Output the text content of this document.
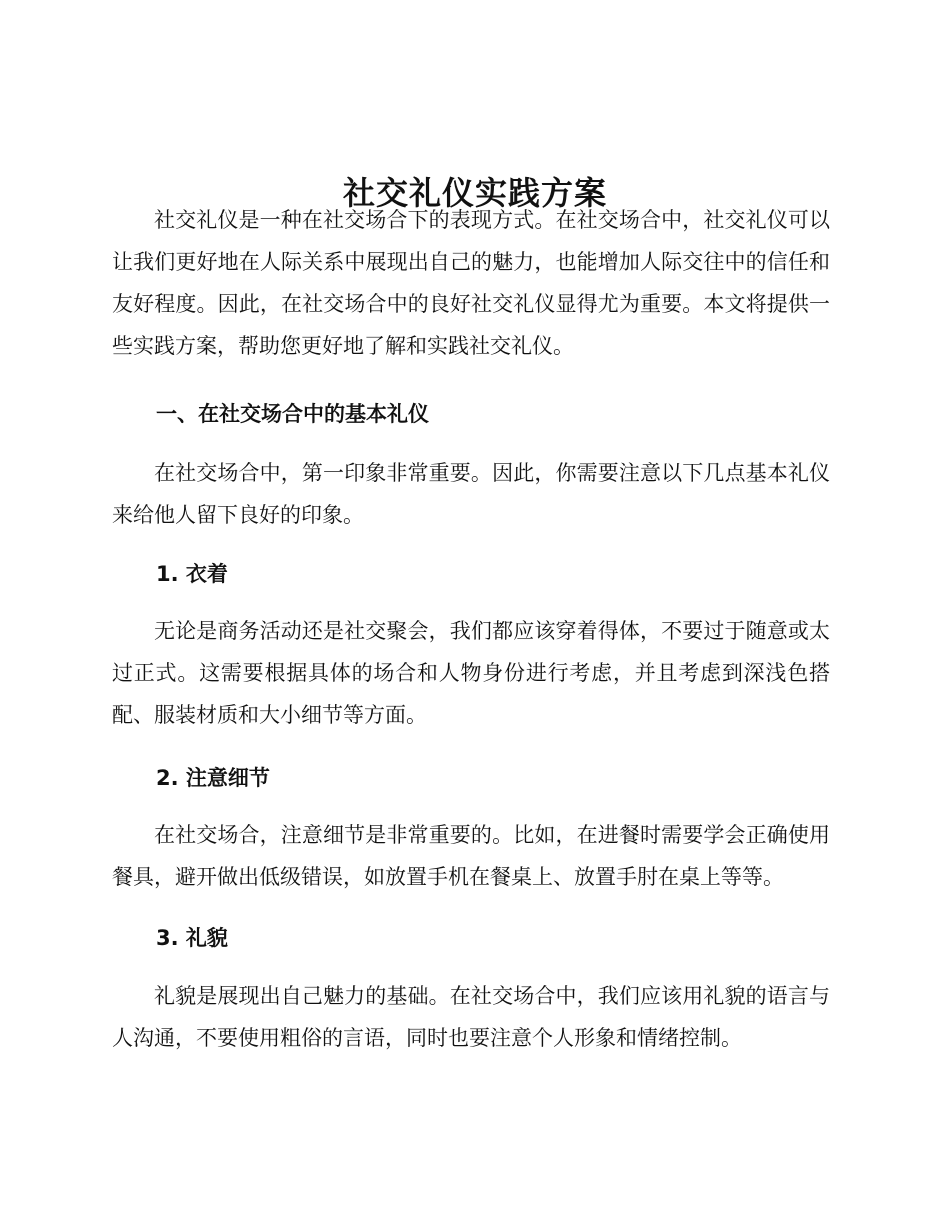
社交礼仪实践方案

社交礼仪是一种在社交场合下的表现方式。在社交场合中，社交礼仪可以让我们更好地在人际关系中展现出自己的魅力，也能增加人际交往中的信任和友好程度。因此，在社交场合中的良好社交礼仪显得尤为重要。本文将提供一些实践方案，帮助您更好地了解和实践社交礼仪。

一、在社交场合中的基本礼仪

在社交场合中，第一印象非常重要。因此，你需要注意以下几点基本礼仪来给他人留下良好的印象。

1. 衣着

无论是商务活动还是社交聚会，我们都应该穿着得体，不要过于随意或太过正式。这需要根据具体的场合和人物身份进行考虑，并且考虑到深浅色搭配、服装材质和大小细节等方面。

2. 注意细节

在社交场合，注意细节是非常重要的。比如，在进餐时需要学会正确使用餐具，避开做出低级错误，如放置手机在餐桌上、放置手肘在桌上等等。

3. 礼貌

礼貌是展现出自己魅力的基础。在社交场合中，我们应该用礼貌的语言与人沟通，不要使用粗俗的言语，同时也要注意个人形象和情绪控制。
